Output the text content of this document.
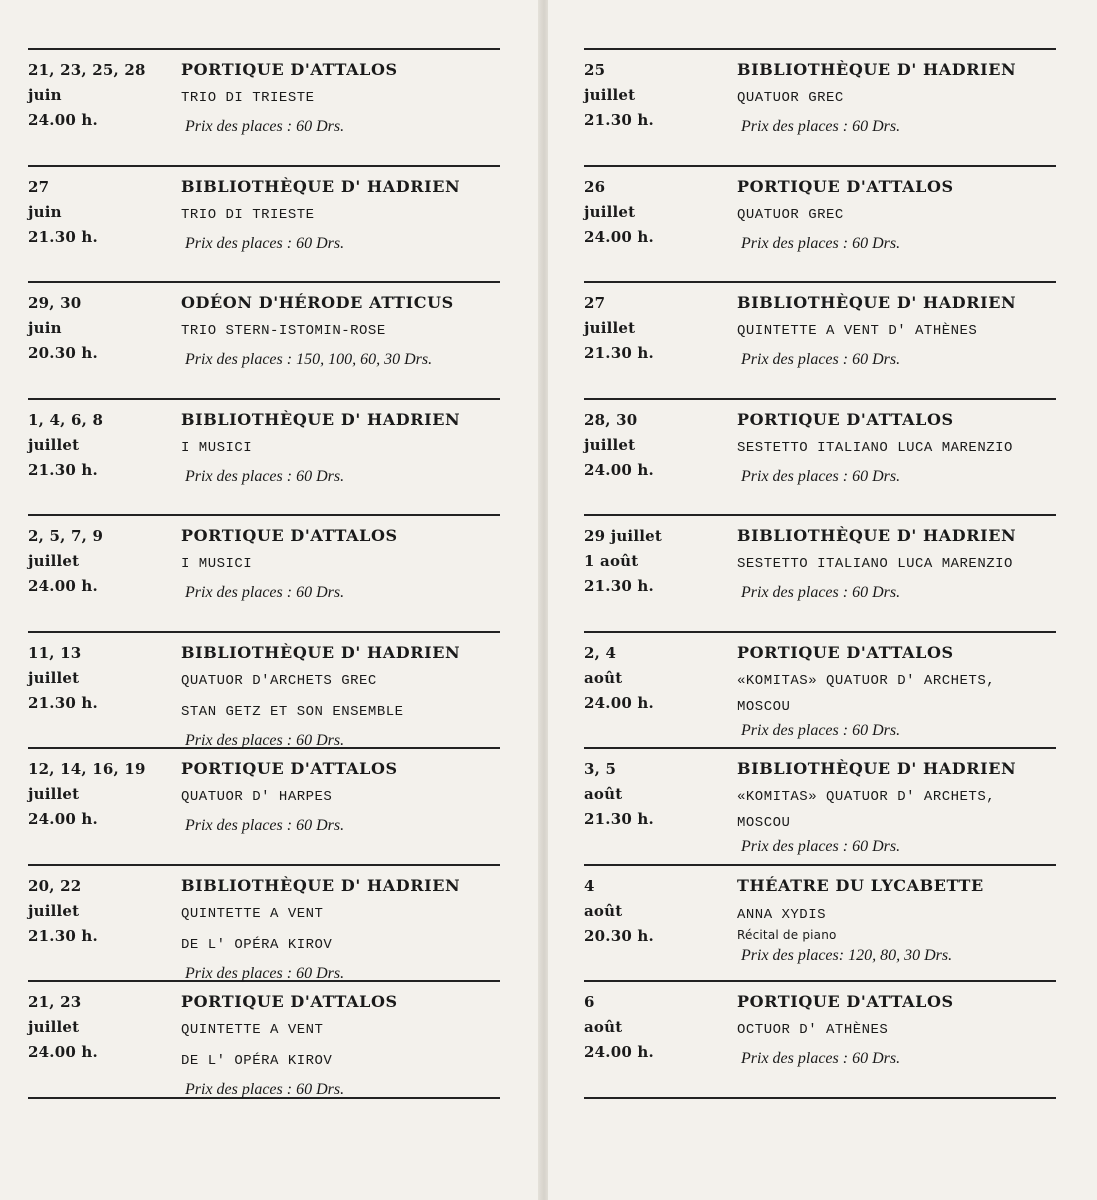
21, 23, 25, 28
juin
24.00 h.
PORTIQUE D'ATTALOS
TRIO DI TRIESTE
Prix des places : 60 Drs.
27
juin
21.30 h.
BIBLIOTHÈQUE D' HADRIEN
TRIO DI TRIESTE
Prix des places : 60 Drs.
29, 30
juin
20.30 h.
ODÉON D'HÉRODE ATTICUS
TRIO STERN-ISTOMIN-ROSE
Prix des places : 150, 100, 60, 30 Drs.
1, 4, 6, 8
juillet
21.30 h.
BIBLIOTHÈQUE D' HADRIEN
I MUSICI
Prix des places : 60 Drs.
2, 5, 7, 9
juillet
24.00 h.
PORTIQUE D'ATTALOS
I MUSICI
Prix des places : 60 Drs.
11, 13
juillet
21.30 h.
BIBLIOTHÈQUE D' HADRIEN
QUATUOR D'ARCHETS GREC
STAN GETZ ET SON ENSEMBLE
Prix des places : 60 Drs.
12, 14, 16, 19
juillet
24.00 h.
PORTIQUE D'ATTALOS
QUATUOR D' HARPES
Prix des places : 60 Drs.
20, 22
juillet
21.30 h.
BIBLIOTHÈQUE D' HADRIEN
QUINTETTE A VENT
DE L' OPÉRA KIROV
Prix des places : 60 Drs.
21, 23
juillet
24.00 h.
PORTIQUE D'ATTALOS
QUINTETTE A VENT
DE L' OPÉRA KIROV
Prix des places : 60 Drs.
25
juillet
21.30 h.
BIBLIOTHÈQUE D' HADRIEN
QUATUOR GREC
Prix des places : 60 Drs.
26
juillet
24.00 h.
PORTIQUE D'ATTALOS
QUATUOR GREC
Prix des places : 60 Drs.
27
juillet
21.30 h.
BIBLIOTHÈQUE D' HADRIEN
QUINTETTE A VENT D' ATHÈNES
Prix des places : 60 Drs.
28, 30
juillet
24.00 h.
PORTIQUE D'ATTALOS
SESTETTO ITALIANO LUCA MARENZIO
Prix des places : 60 Drs.
29 juillet
1 août
21.30 h.
BIBLIOTHÈQUE D' HADRIEN
SESTETTO ITALIANO LUCA MARENZIO
Prix des places : 60 Drs.
2, 4
août
24.00 h.
PORTIQUE D'ATTALOS
«KOMITAS» QUATUOR D' ARCHETS,
MOSCOU
Prix des places : 60 Drs.
3, 5
août
21.30 h.
BIBLIOTHÈQUE D' HADRIEN
«KOMITAS» QUATUOR D' ARCHETS,
MOSCOU
Prix des places : 60 Drs.
4
août
20.30 h.
THÉATRE DU LYCABETTE
ANNA XYDIS
Récital de piano
Prix des places: 120, 80, 30 Drs.
6
août
24.00 h.
PORTIQUE D'ATTALOS
OCTUOR D' ATHÈNES
Prix des places : 60 Drs.
